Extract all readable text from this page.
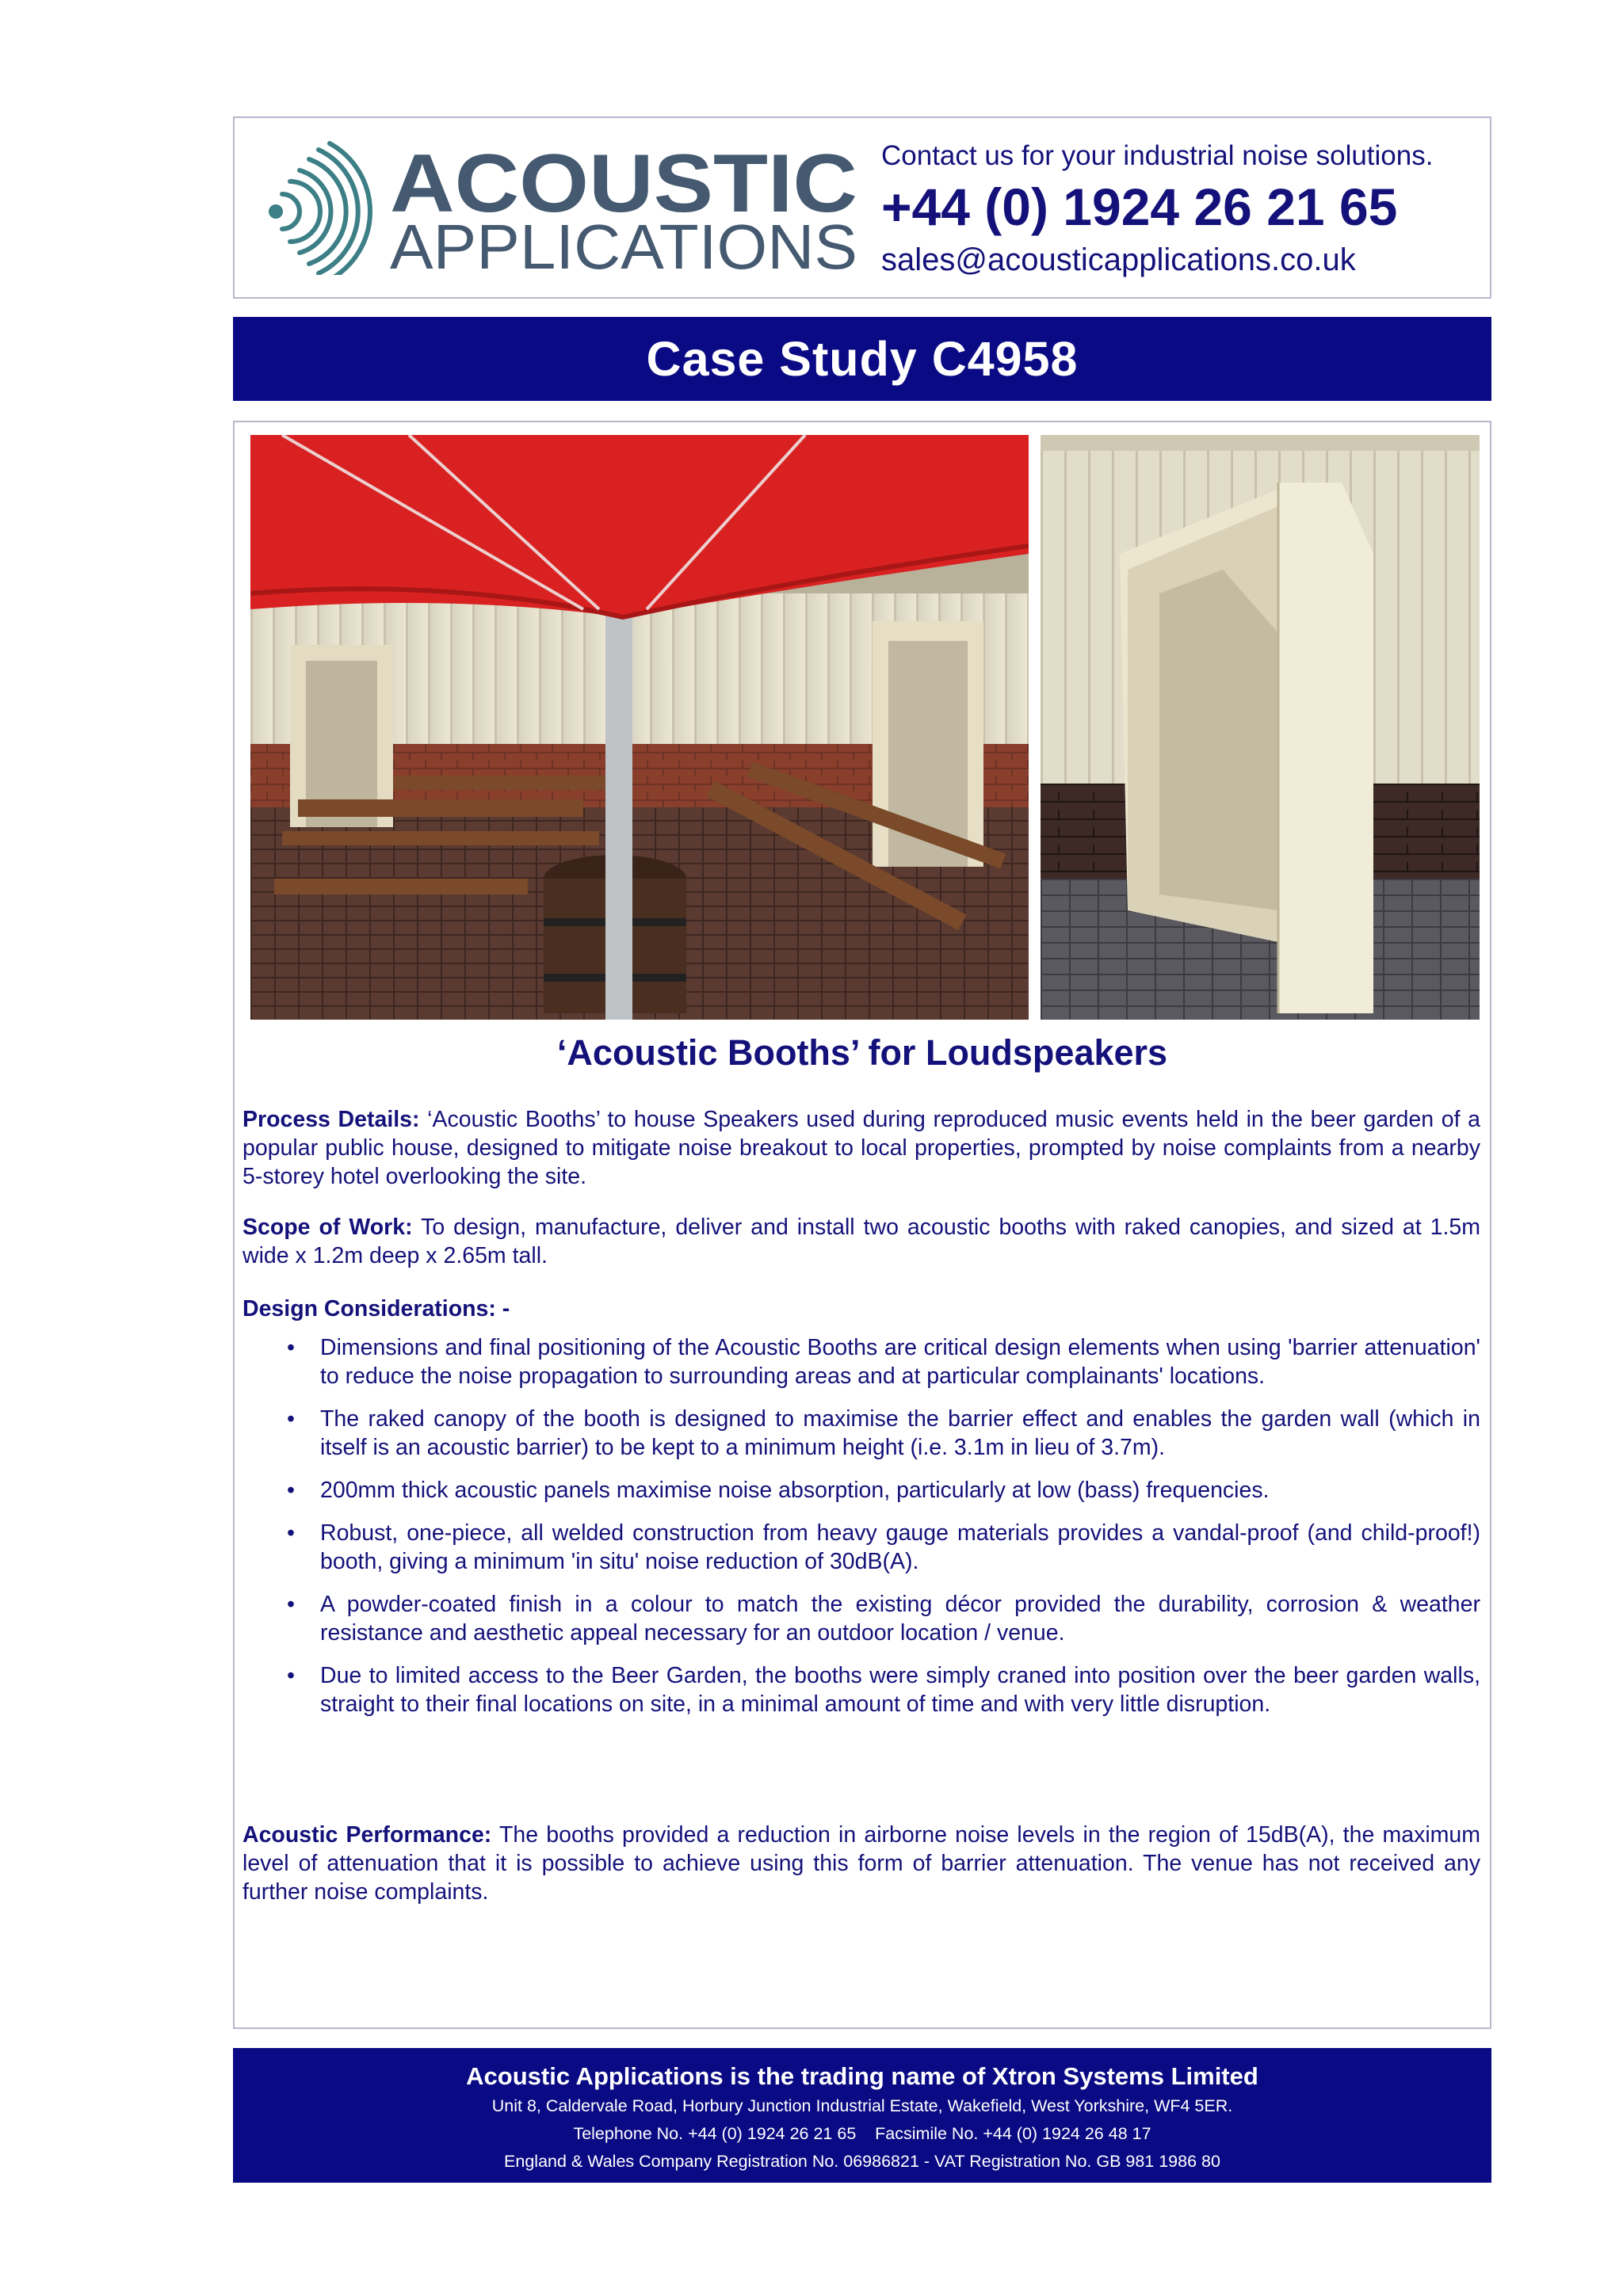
ACOUSTIC
APPLICATIONS
Contact us for your industrial noise solutions.
+44 (0) 1924 26 21 65
sales@acousticapplications.co.uk
Case Study C4958
‘Acoustic Booths’ for Loudspeakers
Process Details: ‘Acoustic Booths’ to house Speakers used during reproduced music events held in the beer garden of a popular public house, designed to mitigate noise breakout to local properties, prompted by noise complaints from a nearby 5-storey hotel overlooking the site.
Scope of Work: To design, manufacture, deliver and install two acoustic booths with raked canopies, and sized at 1.5m wide x 1.2m deep x 2.65m tall.
Design Considerations: -
• Dimensions and final positioning of the Acoustic Booths are critical design elements when using 'barrier attenuation' to reduce the noise propagation to surrounding areas and at particular complainants' locations.
• The raked canopy of the booth is designed to maximise the barrier effect and enables the garden wall (which in itself is an acoustic barrier) to be kept to a minimum height (i.e. 3.1m in lieu of 3.7m).
• 200mm thick acoustic panels maximise noise absorption, particularly at low (bass) frequencies.
• Robust, one-piece, all welded construction from heavy gauge materials provides a vandal-proof (and child-proof!) booth, giving a minimum 'in situ' noise reduction of 30dB(A).
• A powder-coated finish in a colour to match the existing décor provided the durability, corrosion & weather resistance and aesthetic appeal necessary for an outdoor location / venue.
• Due to limited access to the Beer Garden, the booths were simply craned into position over the beer garden walls, straight to their final locations on site, in a minimal amount of time and with very little disruption.
Acoustic Performance: The booths provided a reduction in airborne noise levels in the region of 15dB(A), the maximum level of attenuation that it is possible to achieve using this form of barrier attenuation. The venue has not received any further noise complaints.
Acoustic Applications is the trading name of Xtron Systems Limited
Unit 8, Caldervale Road, Horbury Junction Industrial Estate, Wakefield, West Yorkshire, WF4 5ER.
Telephone No. +44 (0) 1924 26 21 65    Facsimile No. +44 (0) 1924 26 48 17
England & Wales Company Registration No. 06986821 - VAT Registration No. GB 981 1986 80
